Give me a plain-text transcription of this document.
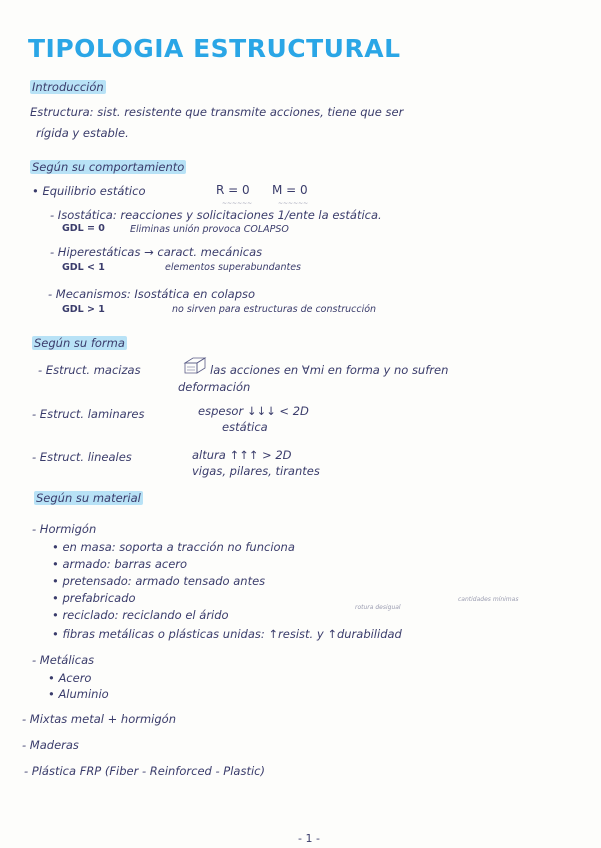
TIPOLOGIA ESTRUCTURAL
Introducción
Estructura: sist. resistente que transmite acciones, tiene que ser
rígida y estable.
Según su comportamiento
• Equilibrio estático	R = 0 M = 0
~~~~~~	~~~~~~
- Isostática: reacciones y solicitaciones 1/ente la estática.
GDL = 0	Eliminas unión provoca COLAPSO
- Hiperestáticas → caract. mecánicas
GDL < 1	elementos superabundantes
- Mecanismos: Isostática en colapso
GDL > 1	no sirven para estructuras de construcción
Según su forma
- Estruct. macizas	las acciones en ∀mi en forma y no sufren
deformación
- Estruct. laminares	espesor ↓↓↓ < 2D
estática
- Estruct. lineales	altura ↑↑↑ > 2D
vigas, pilares, tirantes
Según su material
- Hormigón
• en masa: soporta a tracción no funciona
• armado: barras acero
• pretensado: armado tensado antes
• prefabricado
• reciclado: reciclando el árido
rotura desigual
cantidades mínimas
• fibras metálicas o plásticas unidas: ↑resist. y ↑durabilidad
- Metálicas
• Acero
• Aluminio
- Mixtas metal + hormigón
- Maderas
- Plástica FRP (Fiber - Reinforced - Plastic)
- 1 -
